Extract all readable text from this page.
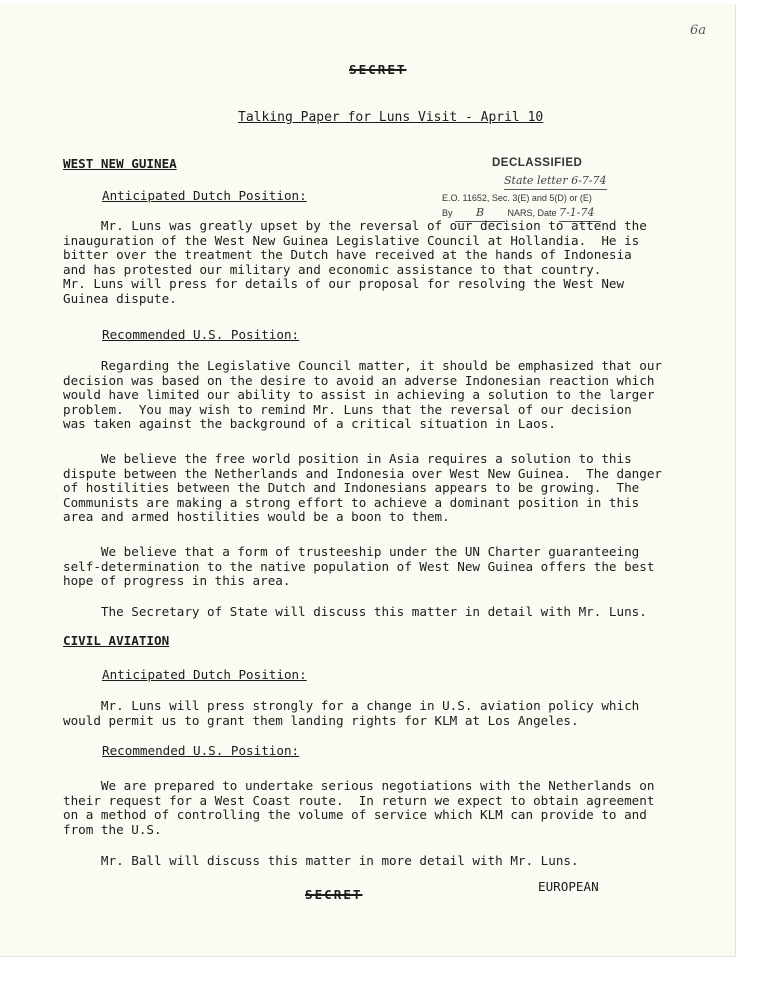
6a
SECRET
Talking Paper for Luns Visit - April 10
DECLASSIFIED
State letter 6-7-74
E.O. 11652, Sec. 3(E) and 5(D) or (E)
By B	NARS, Date 7-1-74
WEST NEW GUINEA
Anticipated Dutch Position:
Mr. Luns was greatly upset by the reversal of our decision to attend the
inauguration of the West New Guinea Legislative Council at Hollandia.  He is
bitter over the treatment the Dutch have received at the hands of Indonesia
and has protested our military and economic assistance to that country.
Mr. Luns will press for details of our proposal for resolving the West New
Guinea dispute.
Recommended U.S. Position:
Regarding the Legislative Council matter, it should be emphasized that our
decision was based on the desire to avoid an adverse Indonesian reaction which
would have limited our ability to assist in achieving a solution to the larger
problem.  You may wish to remind Mr. Luns that the reversal of our decision
was taken against the background of a critical situation in Laos.
We believe the free world position in Asia requires a solution to this
dispute between the Netherlands and Indonesia over West New Guinea.  The danger
of hostilities between the Dutch and Indonesians appears to be growing.  The
Communists are making a strong effort to achieve a dominant position in this
area and armed hostilities would be a boon to them.
We believe that a form of trusteeship under the UN Charter guaranteeing
self-determination to the native population of West New Guinea offers the best
hope of progress in this area.
The Secretary of State will discuss this matter in detail with Mr. Luns.
CIVIL AVIATION
Anticipated Dutch Position:
Mr. Luns will press strongly for a change in U.S. aviation policy which
would permit us to grant them landing rights for KLM at Los Angeles.
Recommended U.S. Position:
We are prepared to undertake serious negotiations with the Netherlands on
their request for a West Coast route.  In return we expect to obtain agreement
on a method of controlling the volume of service which KLM can provide to and
from the U.S.
Mr. Ball will discuss this matter in more detail with Mr. Luns.
EUROPEAN
SECRET
